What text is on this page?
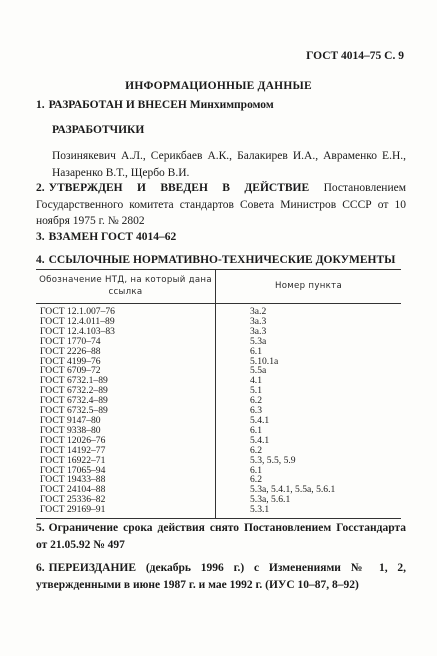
ГОСТ 4014–75 С. 9
ИНФОРМАЦИОННЫЕ ДАННЫЕ
1. РАЗРАБОТАН И ВНЕСЕН Минхимпромом
РАЗРАБОТЧИКИ
Позинякевич А.Л., Серикбаев А.К., Балакирев И.А., Авраменко Е.Н., Назаренко В.Т., Щербо В.И.
2. УТВЕРЖДЕН И ВВЕДЕН В ДЕЙСТВИЕ Постановлением Государственного комитета стандартов Совета Министров СССР от 10 ноября 1975 г. № 2802
3. ВЗАМЕН ГОСТ 4014–62
4. ССЫЛОЧНЫЕ НОРМАТИВНО-ТЕХНИЧЕСКИЕ ДОКУМЕНТЫ
Обозначение НТД, на который дана ссылка	Номер пункта
ГОСТ 12.1.007–76	3а.2
ГОСТ 12.4.011–89	3а.3
ГОСТ 12.4.103–83	3а.3
ГОСТ 1770–74	5.3а
ГОСТ 2226–88	6.1
ГОСТ 4199–76	5.10.1а
ГОСТ 6709–72	5.5а
ГОСТ 6732.1–89	4.1
ГОСТ 6732.2–89	5.1
ГОСТ 6732.4–89	6.2
ГОСТ 6732.5–89	6.3
ГОСТ 9147–80	5.4.1
ГОСТ 9338–80	6.1
ГОСТ 12026–76	5.4.1
ГОСТ 14192–77	6.2
ГОСТ 16922–71	5.3, 5.5, 5.9
ГОСТ 17065–94	6.1
ГОСТ 19433–88	6.2
ГОСТ 24104–88	5.3а, 5.4.1, 5.5а, 5.6.1
ГОСТ 25336–82	5.3а, 5.6.1
ГОСТ 29169–91	5.3.1
5. Ограничение срока действия снято Постановлением Госстандарта от 21.05.92 № 497
6. ПЕРЕИЗДАНИЕ (декабрь 1996 г.) с Изменениями № 1, 2, утвержденными в июне 1987 г. и мае 1992 г. (ИУС 10–87, 8–92)
